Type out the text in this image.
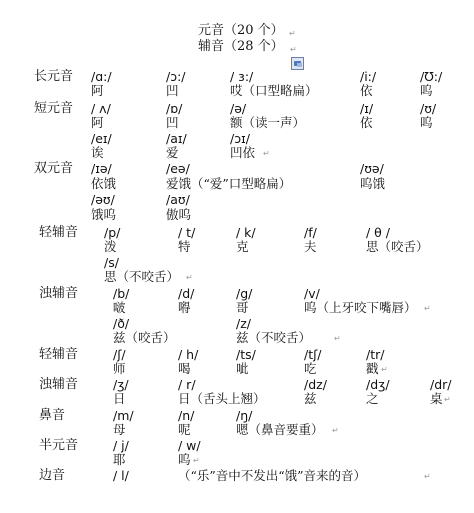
元音（20 个）
辅音（28 个）
↵
↵
长元音 /ɑ:/	/ɔ:/	/ ɜ:/	/i:/	/Ʊ:/
阿	凹	哎（口型略扁）	依	呜
短元音 / ʌ/	/ɒ/	/ə/	/ɪ/	/ʊ/
阿	凹	额（读一声）	依	呜
/eɪ/	/aɪ/	/ɔɪ/
诶	爱	凹依 ↵
双元音 /ɪə/	/eə/	/ʊə/
依饿	爱饿（“爱”口型略扁）	呜饿
/əʊ/	/aʊ/
饿呜	傲呜
轻辅音 /p/	/ t/	/ k/	/f/	/ θ /
泼	特	克	夫	思（咬舌）
/s/
思（不咬舌） ↵
浊辅音	/b/	/d/	/g/	/v/
啵	嘚	哥	呜（上牙咬下嘴唇） ↵
/ð/	/z/
兹（咬舌）	兹（不咬舌）	↵
轻辅音	/ʃ/	/ h/	/ts/	/tʃ/	/tr/
师	喝	呲	吃	戳 ↵
浊辅音	/ʒ/	/ r/	/dz/	/dʒ/	/dr/
日	日（舌头上翘）	兹	之	桌 ↵
鼻音	/m/	/n/	/ŋ/
母	呢	嗯（鼻音要重） ↵
半元音	/ j/	/ w/
耶	呜 ↵
边音	/ l/	（“乐”音中不发出“饿”音来的音）	↵
